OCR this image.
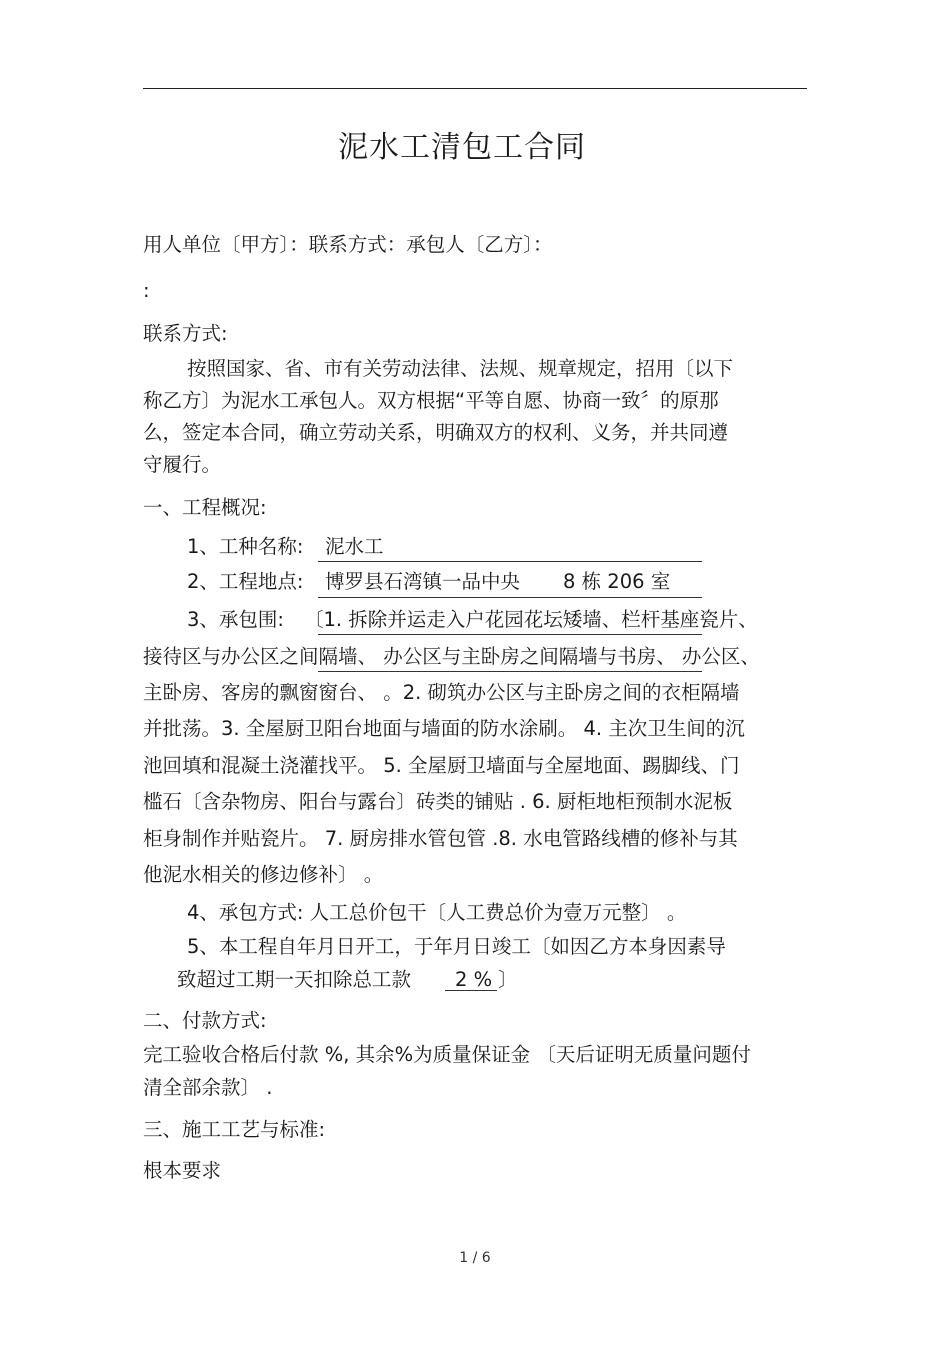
泥水工清包工合同
用人单位〔甲方〕：联系方式：承包人〔乙方〕：
:
联系方式:
按照国家、省、市有关劳动法律、法规、规章规定，招用〔以下
称乙方〕为泥水工承包人。双方根据“平等自愿、协商一致〞的原那
么，签定本合同，确立劳动关系，明确双方的权利、义务，并共同遵
守履行。
一、工程概况:
1、工种名称: 泥水工
2、工程地点: 博罗县石湾镇一品中央 8 栋 206 室
3、承包围: 〔1. 拆除并运走入户花园花坛矮墙、栏杆基座瓷片、
接待区与办公区之间隔墙、 办公区与主卧房之间隔墙与书房、 办公区、
主卧房、客房的飘窗窗台、 。2. 砌筑办公区与主卧房之间的衣柜隔墙
并批荡。3. 全屋厨卫阳台地面与墙面的防水涂刷。 4. 主次卫生间的沉
池回填和混凝土浇灌找平。 5. 全屋厨卫墙面与全屋地面、踢脚线、门
槛石〔含杂物房、阳台与露台〕砖类的铺贴 . 6. 厨柜地柜预制水泥板
柜身制作并贴瓷片。 7. 厨房排水管包管 .8. 水电管路线槽的修补与其
他泥水相关的修边修补〕 。
4、承包方式: 人工总价包干〔人工费总价为壹万元整〕 。
5、本工程自年月日开工，于年月日竣工〔如因乙方本身因素导
致超过工期一天扣除总工款 2 % 〕
二、付款方式:
完工验收合格后付款 %, 其余%为质量保证金 〔天后证明无质量问题付
清全部余款〕 .
三、施工工艺与标准:
根本要求
1 / 6
